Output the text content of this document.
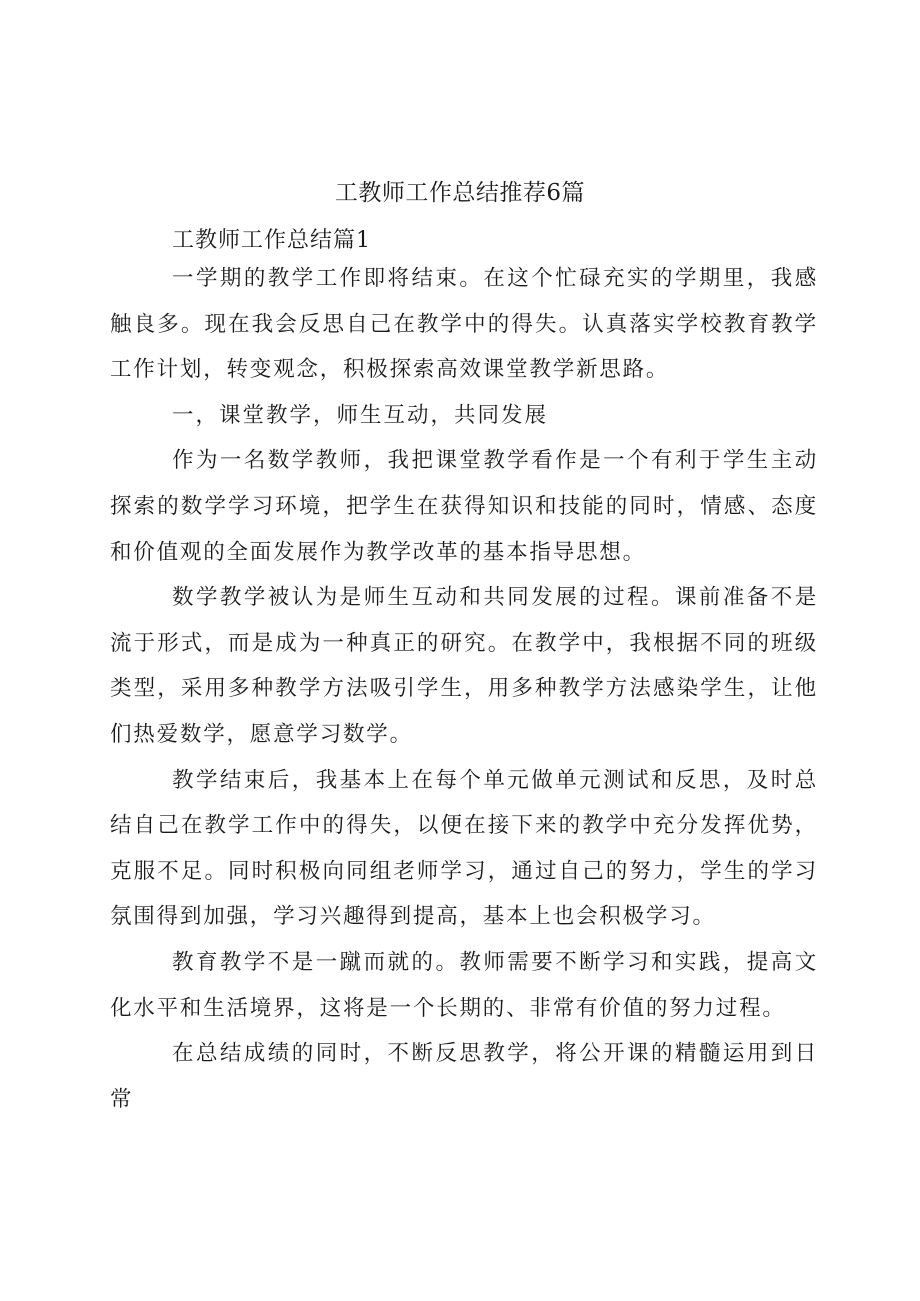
工教师工作总结推荐6篇
工教师工作总结篇1

一学期的教学工作即将结束。在这个忙碌充实的学期里，我感触良多。现在我会反思自己在教学中的得失。认真落实学校教育教学工作计划，转变观念，积极探索高效课堂教学新思路。

一，课堂教学，师生互动，共同发展

作为一名数学教师，我把课堂教学看作是一个有利于学生主动探索的数学学习环境，把学生在获得知识和技能的同时，情感、态度和价值观的全面发展作为教学改革的基本指导思想。

数学教学被认为是师生互动和共同发展的过程。课前准备不是流于形式，而是成为一种真正的研究。在教学中，我根据不同的班级类型，采用多种教学方法吸引学生，用多种教学方法感染学生，让他们热爱数学，愿意学习数学。

教学结束后，我基本上在每个单元做单元测试和反思，及时总结自己在教学工作中的得失，以便在接下来的教学中充分发挥优势，克服不足。同时积极向同组老师学习，通过自己的努力，学生的学习氛围得到加强，学习兴趣得到提高，基本上也会积极学习。

教育教学不是一蹴而就的。教师需要不断学习和实践，提高文化水平和生活境界，这将是一个长期的、非常有价值的努力过程。

在总结成绩的同时，不断反思教学，将公开课的精髓运用到日常
